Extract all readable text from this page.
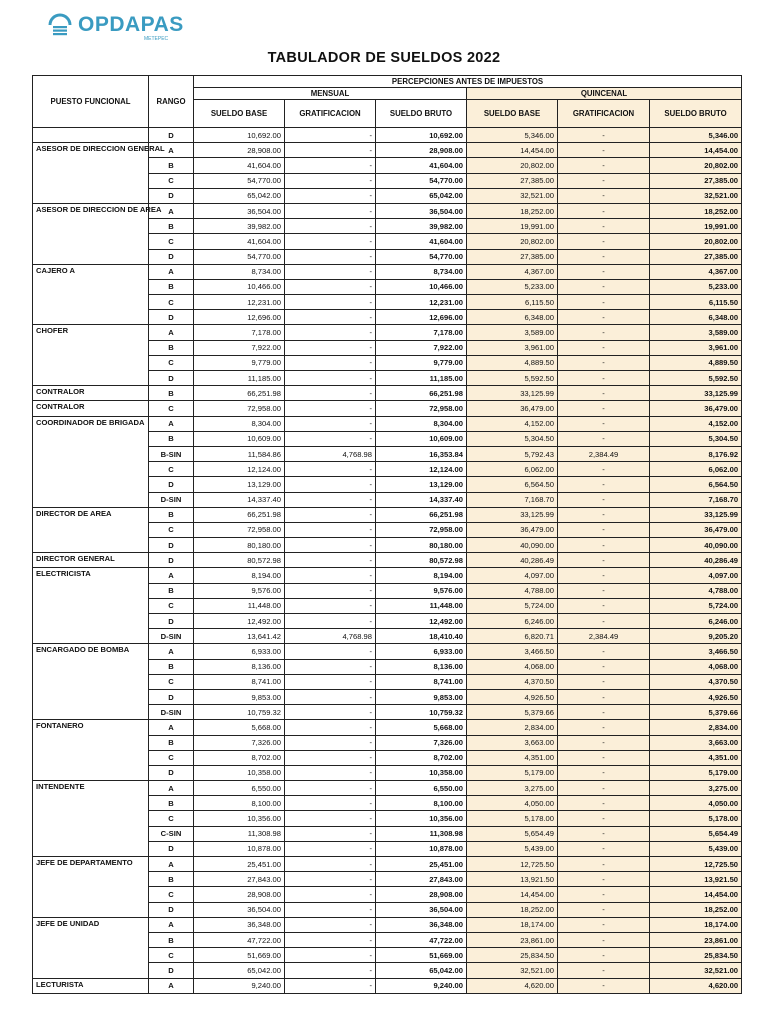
OPDAPAS
METEPEC
TABULADOR DE SUELDOS 2022
PUESTO FUNCIONAL	RANGO	PERCEPCIONES ANTES DE IMPUESTOS					
		MENSUAL			QUINCENAL		
		SUELDO BASE	GRATIFICACION	SUELDO BRUTO	SUELDO BASE	GRATIFICACION	SUELDO BRUTO
	D	10,692.00	-	10,692.00	5,346.00	-	5,346.00
ASESOR DE DIRECCION GENERAL	A	28,908.00	-	28,908.00	14,454.00	-	14,454.00
	B	41,604.00	-	41,604.00	20,802.00	-	20,802.00
	C	54,770.00	-	54,770.00	27,385.00	-	27,385.00
	D	65,042.00	-	65,042.00	32,521.00	-	32,521.00
ASESOR DE DIRECCION DE AREA	A	36,504.00	-	36,504.00	18,252.00	-	18,252.00
	B	39,982.00	-	39,982.00	19,991.00	-	19,991.00
	C	41,604.00	-	41,604.00	20,802.00	-	20,802.00
	D	54,770.00	-	54,770.00	27,385.00	-	27,385.00
CAJERO A	A	8,734.00	-	8,734.00	4,367.00	-	4,367.00
	B	10,466.00	-	10,466.00	5,233.00	-	5,233.00
	C	12,231.00	-	12,231.00	6,115.50	-	6,115.50
	D	12,696.00	-	12,696.00	6,348.00	-	6,348.00
CHOFER	A	7,178.00	-	7,178.00	3,589.00	-	3,589.00
	B	7,922.00	-	7,922.00	3,961.00	-	3,961.00
	C	9,779.00	-	9,779.00	4,889.50	-	4,889.50
	D	11,185.00	-	11,185.00	5,592.50	-	5,592.50
CONTRALOR	B	66,251.98	-	66,251.98	33,125.99	-	33,125.99
CONTRALOR	C	72,958.00	-	72,958.00	36,479.00	-	36,479.00
COORDINADOR DE BRIGADA	A	8,304.00	-	8,304.00	4,152.00	-	4,152.00
	B	10,609.00	-	10,609.00	5,304.50	-	5,304.50
	B-SIN	11,584.86	4,768.98	16,353.84	5,792.43	2,384.49	8,176.92
	C	12,124.00	-	12,124.00	6,062.00	-	6,062.00
	D	13,129.00	-	13,129.00	6,564.50	-	6,564.50
	D-SIN	14,337.40	-	14,337.40	7,168.70	-	7,168.70
DIRECTOR DE AREA	B	66,251.98	-	66,251.98	33,125.99	-	33,125.99
	C	72,958.00	-	72,958.00	36,479.00	-	36,479.00
	D	80,180.00	-	80,180.00	40,090.00	-	40,090.00
DIRECTOR GENERAL	D	80,572.98	-	80,572.98	40,286.49	-	40,286.49
ELECTRICISTA	A	8,194.00	-	8,194.00	4,097.00	-	4,097.00
	B	9,576.00	-	9,576.00	4,788.00	-	4,788.00
	C	11,448.00	-	11,448.00	5,724.00	-	5,724.00
	D	12,492.00	-	12,492.00	6,246.00	-	6,246.00
	D-SIN	13,641.42	4,768.98	18,410.40	6,820.71	2,384.49	9,205.20
ENCARGADO DE BOMBA	A	6,933.00	-	6,933.00	3,466.50	-	3,466.50
	B	8,136.00	-	8,136.00	4,068.00	-	4,068.00
	C	8,741.00	-	8,741.00	4,370.50	-	4,370.50
	D	9,853.00	-	9,853.00	4,926.50	-	4,926.50
	D-SIN	10,759.32	-	10,759.32	5,379.66	-	5,379.66
FONTANERO	A	5,668.00	-	5,668.00	2,834.00	-	2,834.00
	B	7,326.00	-	7,326.00	3,663.00	-	3,663.00
	C	8,702.00	-	8,702.00	4,351.00	-	4,351.00
	D	10,358.00	-	10,358.00	5,179.00	-	5,179.00
INTENDENTE	A	6,550.00	-	6,550.00	3,275.00	-	3,275.00
	B	8,100.00	-	8,100.00	4,050.00	-	4,050.00
	C	10,356.00	-	10,356.00	5,178.00	-	5,178.00
	C-SIN	11,308.98	-	11,308.98	5,654.49	-	5,654.49
	D	10,878.00	-	10,878.00	5,439.00	-	5,439.00
JEFE DE DEPARTAMENTO	A	25,451.00	-	25,451.00	12,725.50	-	12,725.50
	B	27,843.00	-	27,843.00	13,921.50	-	13,921.50
	C	28,908.00	-	28,908.00	14,454.00	-	14,454.00
	D	36,504.00	-	36,504.00	18,252.00	-	18,252.00
JEFE DE UNIDAD	A	36,348.00	-	36,348.00	18,174.00	-	18,174.00
	B	47,722.00	-	47,722.00	23,861.00	-	23,861.00
	C	51,669.00	-	51,669.00	25,834.50	-	25,834.50
	D	65,042.00	-	65,042.00	32,521.00	-	32,521.00
LECTURISTA	A	9,240.00	-	9,240.00	4,620.00	-	4,620.00
